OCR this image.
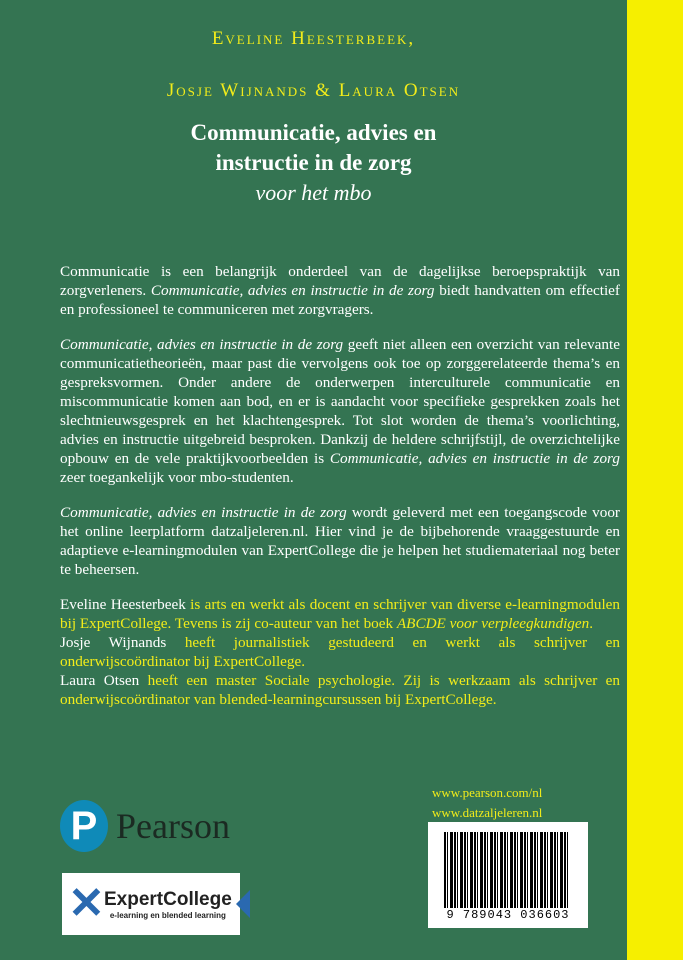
Eveline Heesterbeek,
Josje Wijnands & Laura Otsen
Communicatie, advies en
instructie in de zorg
voor het mbo

Communicatie is een belangrijk onderdeel van de dagelijkse beroepspraktijk van zorgverleners. Communicatie, advies en instructie in de zorg biedt handvatten om effectief en professioneel te communiceren met zorgvragers.

Communicatie, advies en instructie in de zorg geeft niet alleen een overzicht van relevante communicatietheorieën, maar past die vervolgens ook toe op zorggerelateerde thema’s en gespreksvormen. Onder andere de onderwerpen interculturele communicatie en miscommunicatie komen aan bod, en er is aandacht voor specifieke gesprekken zoals het slechtnieuwsgesprek en het klachtengesprek. Tot slot worden de thema’s voorlichting, advies en instructie uitgebreid besproken. Dankzij de heldere schrijfstijl, de overzichtelijke opbouw en de vele praktijkvoorbeelden is Communicatie, advies en instructie in de zorg zeer toegankelijk voor mbo-studenten.

Communicatie, advies en instructie in de zorg wordt geleverd met een toegangscode voor het online leerplatform datzaljeleren.nl. Hier vind je de bijbehorende vraaggestuurde en adaptieve e-learningmodulen van ExpertCollege die je helpen het studiemateriaal nog beter te beheersen.

Eveline Heesterbeek is arts en werkt als docent en schrijver van diverse e-learningmodulen bij ExpertCollege. Tevens is zij co-auteur van het boek ABCDE voor verpleegkundigen.
Josje Wijnands heeft journalistiek gestudeerd en werkt als schrijver en onderwijscoördinator bij ExpertCollege.
Laura Otsen heeft een master Sociale psychologie. Zij is werkzaam als schrijver en onderwijscoördinator van blended-learningcursussen bij ExpertCollege.
www.pearson.com/nl
www.datzaljeleren.nl
9 789043 036603
P Pearson
✕ ExpertCollege
e-learning en blended learning
